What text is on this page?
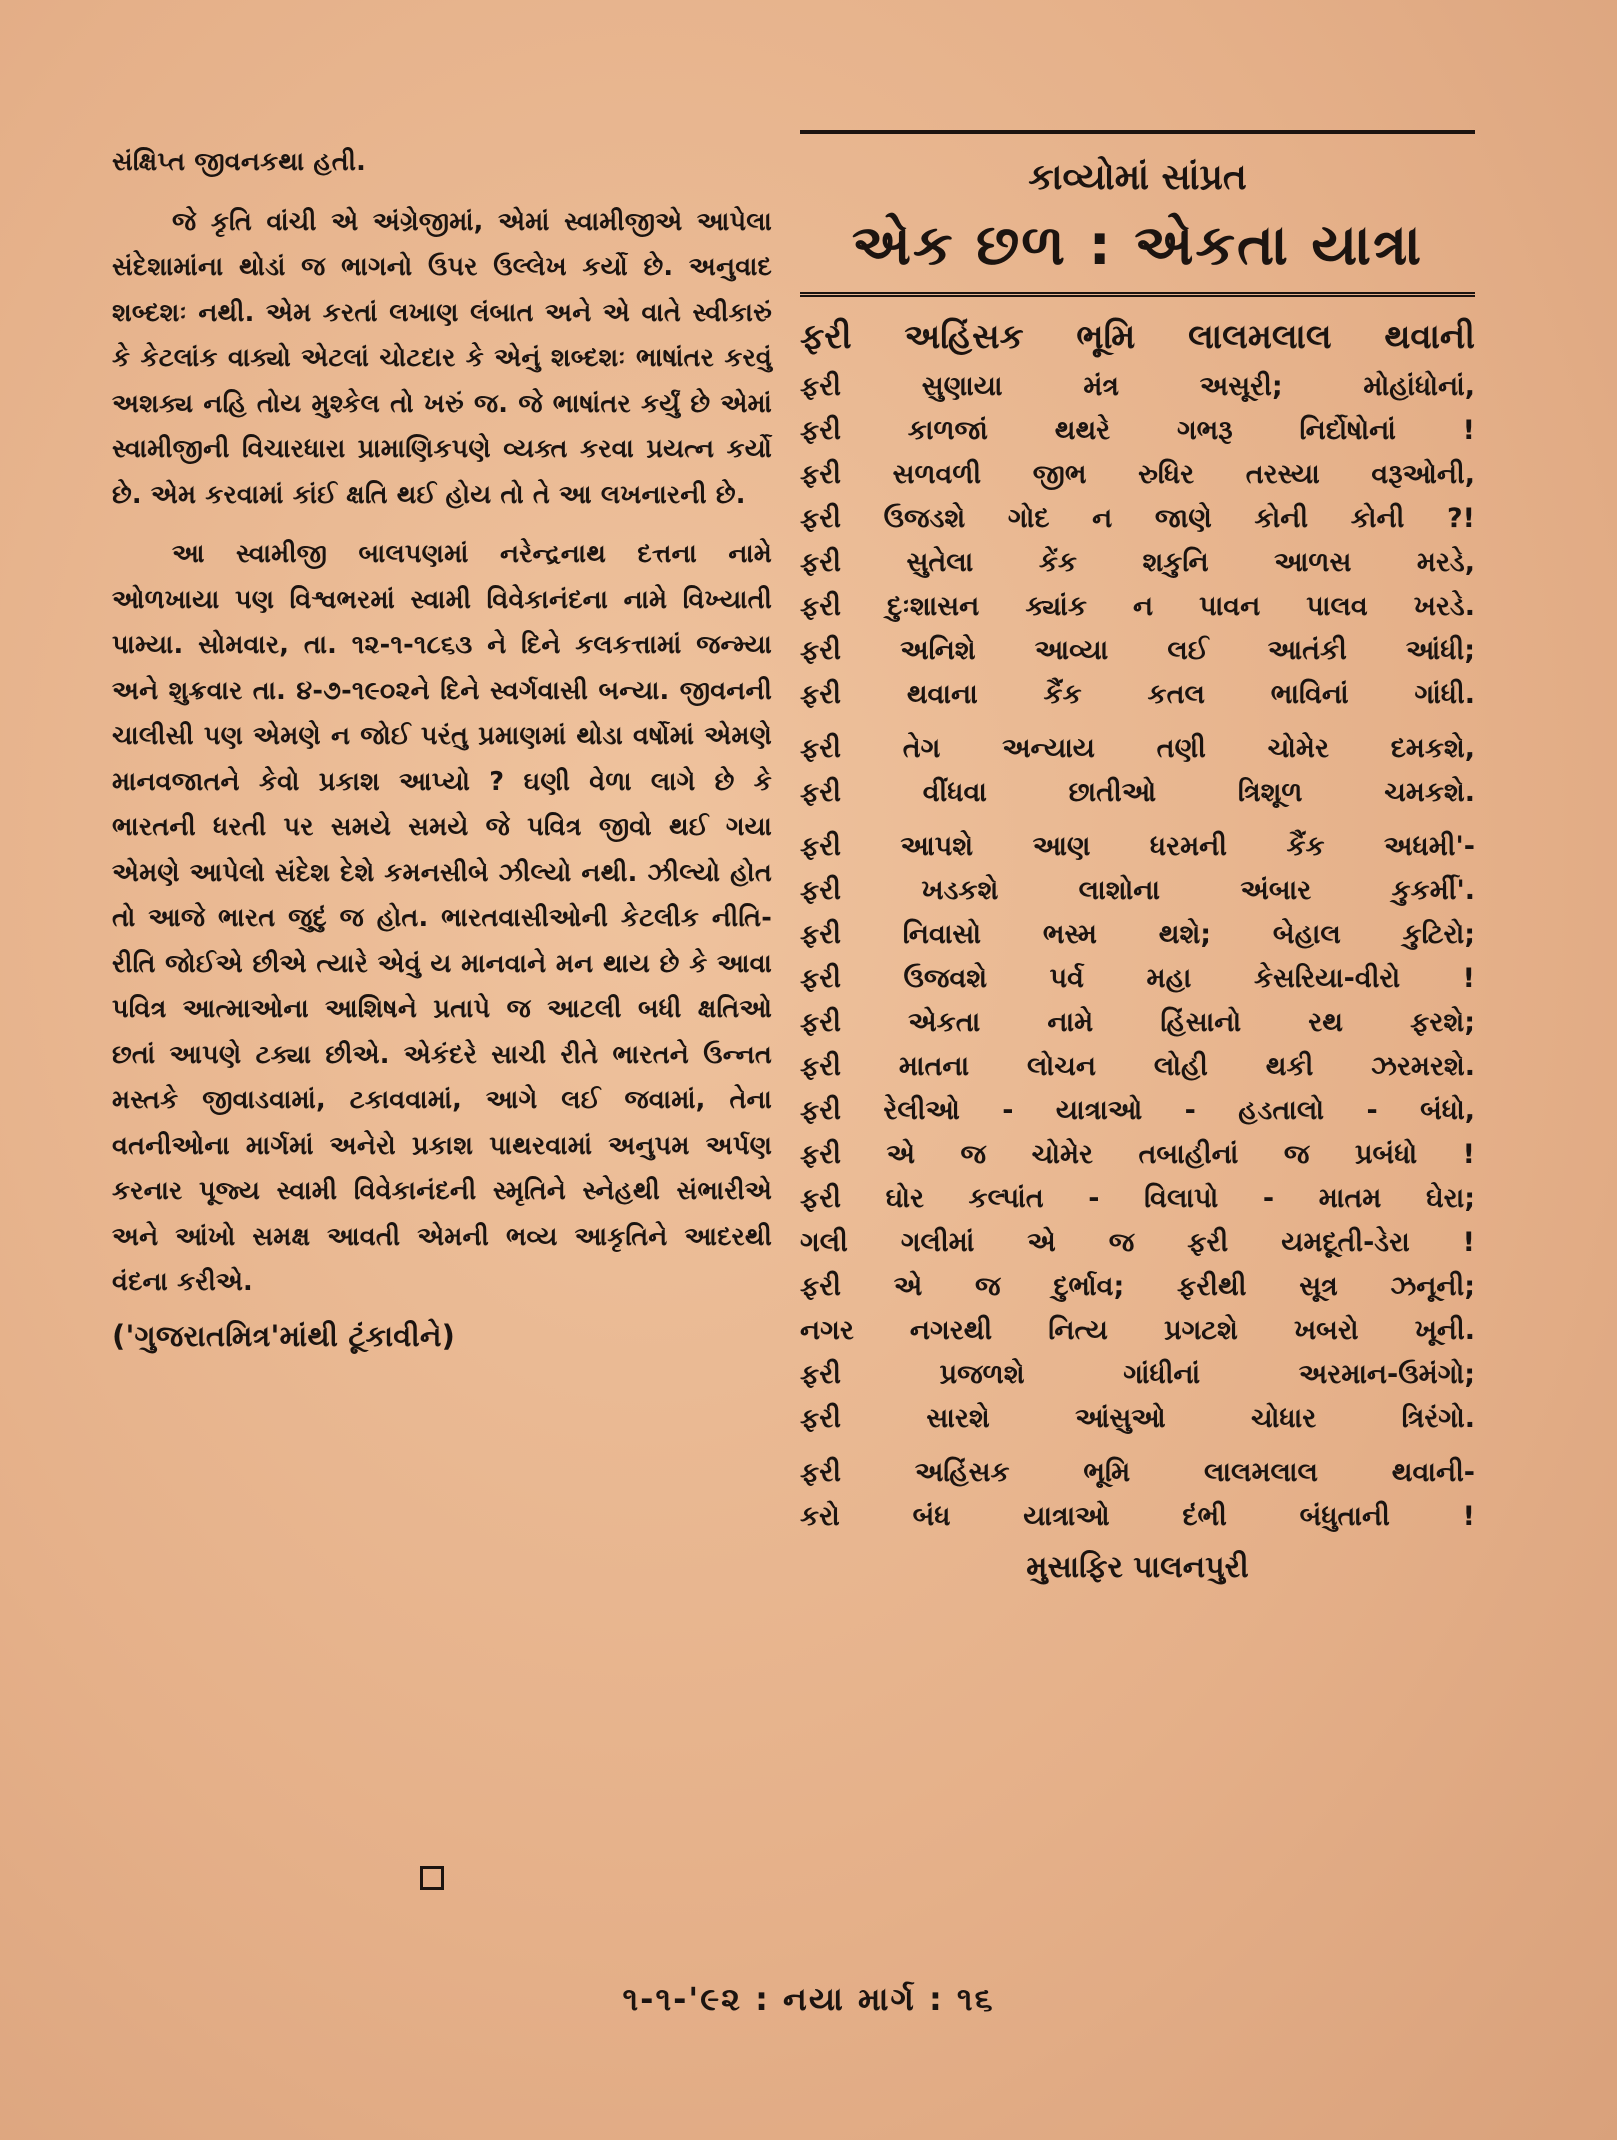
સંક્ષિપ્ત જીવનકથા હતી.

જે કૃતિ વાંચી એ અંગ્રેજીમાં, એમાં સ્વામીજીએ આપેલા સંદેશામાંના થોડાં જ ભાગનો ઉપર ઉલ્લેખ કર્યો છે. અનુવાદ શબ્દશઃ નથી. એમ કરતાં લખાણ લંબાત અને એ વાતે સ્વીકારું કે કેટલાંક વાક્યો એટલાં ચોટદાર કે એનું શબ્દશઃ ભાષાંતર કરવું અશક્ય નહિ તોય મુશ્કેલ તો ખરું જ. જે ભાષાંતર કર્યું છે એમાં સ્વામીજીની વિચારધારા પ્રામાણિકપણે વ્યક્ત કરવા પ્રયત્ન કર્યો છે. એમ કરવામાં કાંઈ ક્ષતિ થઈ હોય તો તે આ લખનારની છે.

આ સ્વામીજી બાલપણમાં નરેન્દ્રનાથ દત્તના નામે ઓળખાયા પણ વિશ્વભરમાં સ્વામી વિવેકાનંદના નામે વિખ્યાતી પામ્યા. સોમવાર, તા. ૧૨-૧-૧૮૬૩ ને દિને કલકત્તામાં જન્મ્યા અને શુક્રવાર તા. ૪-૭-૧૯૦૨ને દિને સ્વર્ગવાસી બન્યા. જીવનની ચાલીસી પણ એમણે ન જોઈ પરંતુ પ્રમાણમાં થોડા વર્ષોમાં એમણે માનવજાતને કેવો પ્રકાશ આપ્યો ? ઘણી વેળા લાગે છે કે ભારતની ધરતી પર સમયે સમયે જે પવિત્ર જીવો થઈ ગયા એમણે આપેલો સંદેશ દેશે કમનસીબે ઝીલ્યો નથી. ઝીલ્યો હોત તો આજે ભારત જુદું જ હોત. ભારતવાસીઓની કેટલીક નીતિ-રીતિ જોઈએ છીએ ત્યારે એવું ય માનવાને મન થાય છે કે આવા પવિત્ર આત્માઓના આશિષને પ્રતાપે જ આટલી બધી ક્ષતિઓ છતાં આપણે ટક્યા છીએ. એકંદરે સાચી રીતે ભારતને ઉન્નત મસ્તકે જીવાડવામાં, ટકાવવામાં, આગે લઈ જવામાં, તેના વતનીઓના માર્ગમાં અનેરો પ્રકાશ પાથરવામાં અનુપમ અર્પણ કરનાર પૂજ્ય સ્વામી વિવેકાનંદની સ્મૃતિને સ્નેહથી સંભારીએ અને આંખો સમક્ષ આવતી એમની ભવ્ય આકૃતિને આદરથી વંદના કરીએ.

('ગુજરાતમિત્ર'માંથી ટૂંકાવીને)
કાવ્યોમાં સાંપ્રત
એક છળ : એકતા યાત્રા
ફરી અહિંસક ભૂમિ લાલમલાલ થવાની
ફરી સુણાયા મંત્ર અસૂરી; મોહાંધોનાં,
ફરી કાળજાં થથરે ગભરૂ નિર્દોષોનાં !
ફરી સળવળી જીભ રુધિર તરસ્યા વરૂઓની,
ફરી ઉજડશે ગોદ ન જાણે કોની કોની ?!
ફરી સુતેલા કેંક શકુનિ આળસ મરડે,
ફરી દુઃશાસન ક્યાંક ન પાવન પાલવ ખરડે.
ફરી અનિશે આવ્યા લઈ આતંકી આંધી;
ફરી થવાના કૈંક કતલ ભાવિનાં ગાંધી.
ફરી તેગ અન્યાય તણી ચોમેર દમકશે,
ફરી વીંધવા છાતીઓ ત્રિશૂળ ચમકશે.
ફરી આપશે આણ ધરમની કૈંક અધમી'-
ફરી ખડકશે લાશોના અંબાર કુકર્મી'.
ફરી નિવાસો ભસ્મ થશે; બેહાલ કુટિરો;
ફરી ઉજવશે પર્વ મહા કેસરિયા-વીરો !
ફરી એકતા નામે હિંસાનો રથ ફરશે;
ફરી માતના લોચન લોહી થકી ઝરમરશે.
ફરી રેલીઓ - યાત્રાઓ - હડતાલો - બંધો,
ફરી એ જ ચોમેર તબાહીનાં જ પ્રબંધો !
ફરી ઘોર કલ્પાંત - વિલાપો - માતમ ઘેરા;
ગલી ગલીમાં એ જ ફરી યમદૂતી-ડેરા !
ફરી એ જ દુર્ભાવ; ફરીથી સૂત્ર ઝનૂની;
નગર નગરથી નિત્ય પ્રગટશે ખબરો ખૂની.
ફરી પ્રજળશે ગાંધીનાં અરમાન-ઉમંગો;
ફરી સારશે આંસુઓ ચોધાર ત્રિરંગો.
ફરી અહિંસક ભૂમિ લાલમલાલ થવાની-
કરો બંધ યાત્રાઓ દંભી બંધુતાની !
મુસાફિર પાલનપુરી
૧-૧-'૯૨ : નયા માર્ગ : ૧૬
